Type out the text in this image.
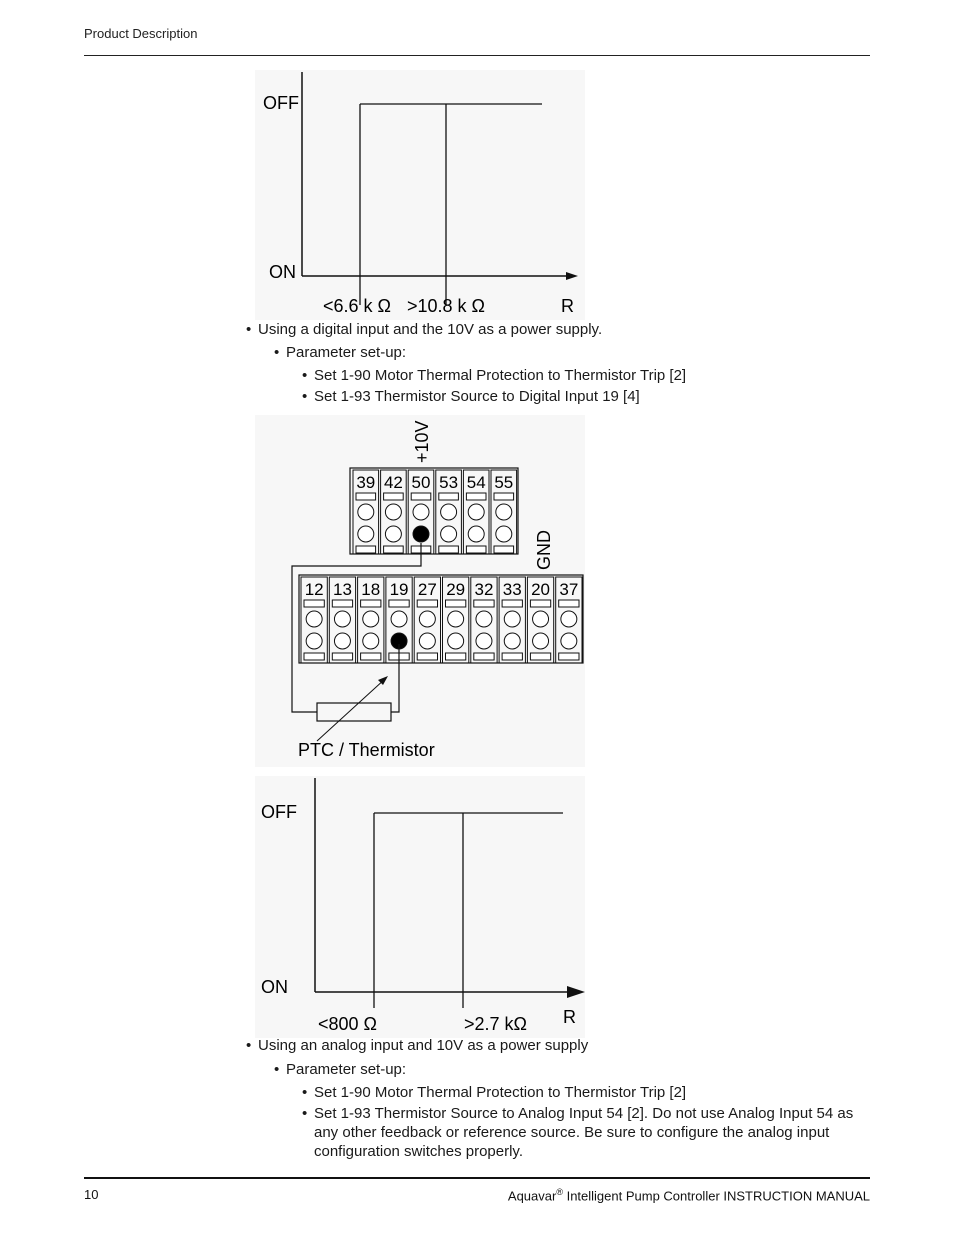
Product Description
OFF
ON
<6.6 k Ω >10.8 k Ω	R
• Using a digital input and the 10V as a power supply.
• Parameter set-up:
• Set 1-90 Motor Thermal Protection to Thermistor Trip [2]
• Set 1-93 Thermistor Source to Digital Input 19 [4]
+10V
GND
39 42 50 53 54 55
12 13 18 19 27 29 32 33 20 37
PTC / Thermistor
OFF
ON
<800 Ω	>2.7 kΩ R
• Using an analog input and 10V as a power supply
• Parameter set-up:
• Set 1-90 Motor Thermal Protection to Thermistor Trip [2]
• Set 1-93 Thermistor Source to Analog Input 54 [2]. Do not use Analog Input 54 as any other feedback or reference source. Be sure to configure the analog input configuration switches properly.
10	Aquavar® Intelligent Pump Controller INSTRUCTION MANUAL
